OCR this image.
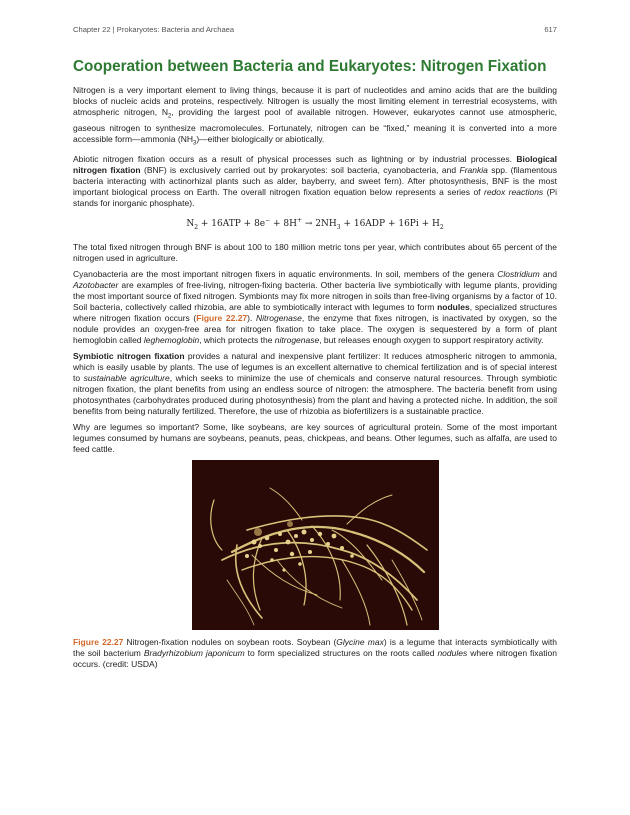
Chapter 22 | Prokaryotes: Bacteria and Archaea	617
Cooperation between Bacteria and Eukaryotes: Nitrogen Fixation

Nitrogen is a very important element to living things, because it is part of nucleotides and amino acids that are the building blocks of nucleic acids and proteins, respectively. Nitrogen is usually the most limiting element in terrestrial ecosystems, with atmospheric nitrogen, $N_2$, providing the largest pool of available nitrogen. However, eukaryotes cannot use atmospheric, gaseous nitrogen to synthesize macromolecules. Fortunately, nitrogen can be “fixed,” meaning it is converted into a more accessible form—ammonia $(NH_3)—either$ biologically or abiotically.

Abiotic nitrogen fixation occurs as a result of physical processes such as lightning or by industrial processes. Biological nitrogen fixation (BNF) is exclusively carried out by prokaryotes: soil bacteria, cyanobacteria, and Frankia spp. (filamentous bacteria interacting with actinorhizal plants such as alder, bayberry, and sweet fern). After photosynthesis, BNF is the most important biological process on Earth. The overall nitrogen fixation equation below represents a series of redox reactions (Pi stands for inorganic phosphate).

$N_2 + 16ATP + 8e^- + 8H^+ \to 2NH_3 + 16ADP + 16Pi + H_2$

The total fixed nitrogen through BNF is about 100 to 180 million metric tons per year, which contributes about 65 percent of the nitrogen used in agriculture.

Cyanobacteria are the most important nitrogen fixers in aquatic environments. In soil, members of the genera Clostridium and Azotobacter are examples of free-living, nitrogen-fixing bacteria. Other bacteria live symbiotically with legume plants, providing the most important source of fixed nitrogen. Symbionts may fix more nitrogen in soils than free-living organisms by a factor of 10. Soil bacteria, collectively called rhizobia, are able to symbiotically interact with legumes to form nodules, specialized structures where nitrogen fixation occurs (Figure 22.27). Nitrogenase, the enzyme that fixes nitrogen, is inactivated by oxygen, so the nodule provides an oxygen-free area for nitrogen fixation to take place. The oxygen is sequestered by a form of plant hemoglobin called leghemoglobin, which protects the nitrogenase, but releases enough oxygen to support respiratory activity.

Symbiotic nitrogen fixation provides a natural and inexpensive plant fertilizer: It reduces atmospheric nitrogen to ammonia, which is easily usable by plants. The use of legumes is an excellent alternative to chemical fertilization and is of special interest to sustainable agriculture, which seeks to minimize the use of chemicals and conserve natural resources. Through symbiotic nitrogen fixation, the plant benefits from using an endless source of nitrogen: the atmosphere. The bacteria benefit from using photosynthates (carbohydrates produced during photosynthesis) from the plant and having a protected niche. In addition, the soil benefits from being naturally fertilized. Therefore, the use of rhizobia as biofertilizers is a sustainable practice.

Why are legumes so important? Some, like soybeans, are key sources of agricultural protein. Some of the most important legumes consumed by humans are soybeans, peanuts, peas, chickpeas, and beans. Other legumes, such as alfalfa, are used to feed cattle.

Figure 22.27 Nitrogen-fixation nodules on soybean roots. Soybean (Glycine max) is a legume that interacts symbiotically with the soil bacterium Bradyrhizobium japonicum to form specialized structures on the roots called nodules where nitrogen fixation occurs. (credit: USDA)
